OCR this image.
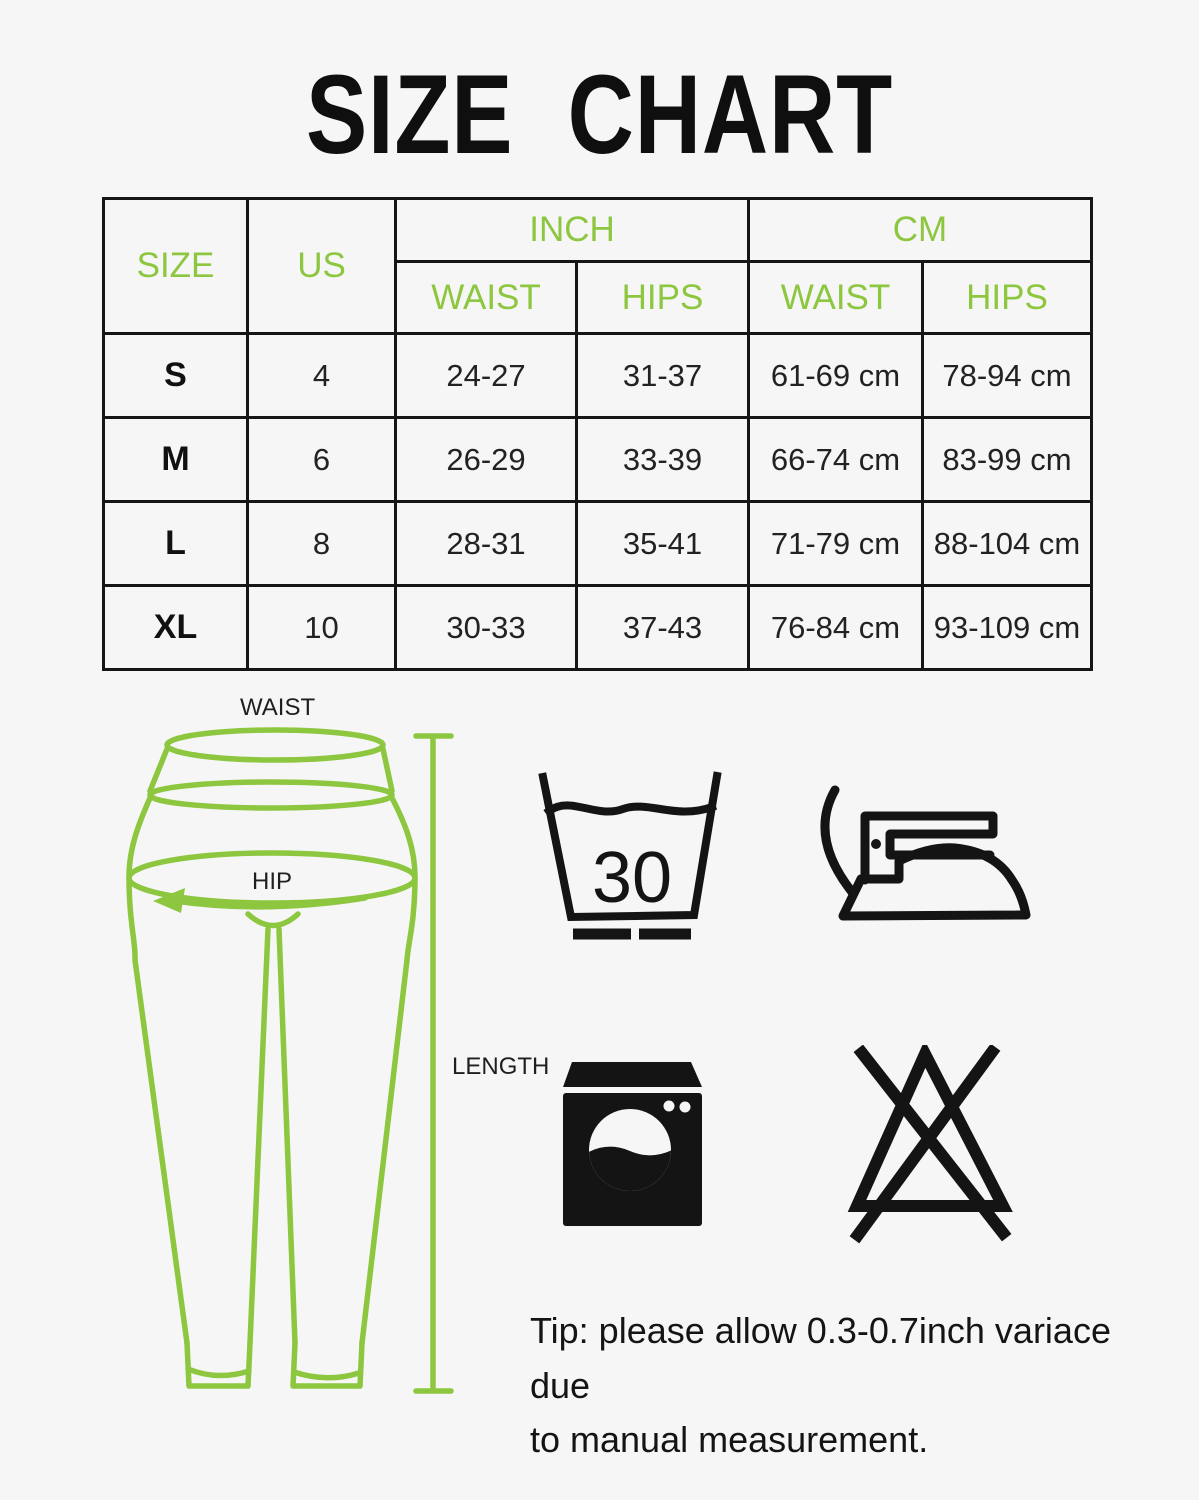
SIZE CHART
SIZE	US	INCH		CM	
		WAIST	HIPS	WAIST	HIPS
S	4	24-27	31-37	61-69 cm	78-94 cm
M	6	26-29	33-39	66-74 cm	83-99 cm
L	8	28-31	35-41	71-79 cm	88-104 cm
XL	10	30-33	37-43	76-84 cm	93-109 cm
WAIST
HIP
LENGTH
30
Tip: please allow 0.3-0.7inch variace due
to manual measurement.
